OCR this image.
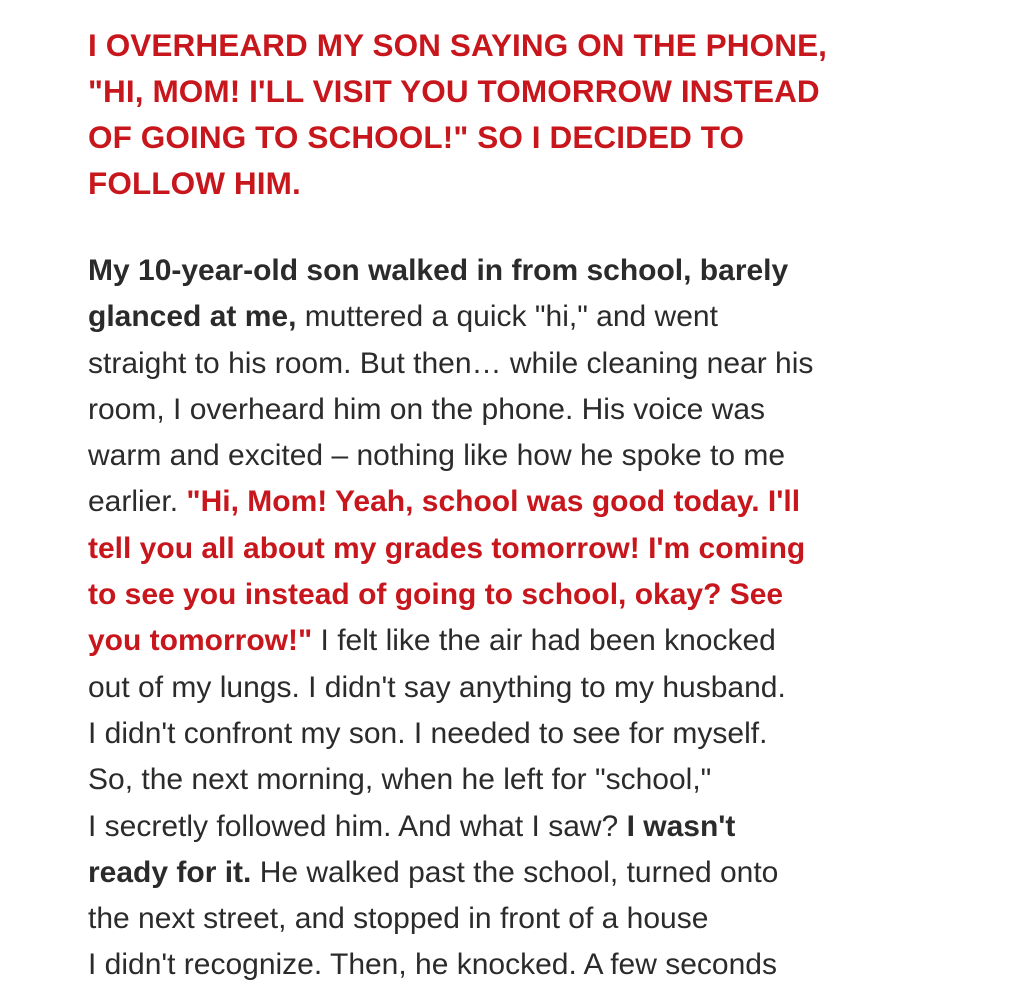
I OVERHEARD MY SON SAYING ON THE PHONE,
"HI, MOM! I'LL VISIT YOU TOMORROW INSTEAD
OF GOING TO SCHOOL!" SO I DECIDED TO
FOLLOW HIM.
My 10-year-old son walked in from school, barely
glanced at me, muttered a quick "hi," and went
straight to his room. But then… while cleaning near his
room, I overheard him on the phone. His voice was
warm and excited – nothing like how he spoke to me
earlier. "Hi, Mom! Yeah, school was good today. I'll
tell you all about my grades tomorrow! I'm coming
to see you instead of going to school, okay? See
you tomorrow!" I felt like the air had been knocked
out of my lungs. I didn't say anything to my husband.
I didn't confront my son. I needed to see for myself.
So, the next morning, when he left for "school,"
I secretly followed him. And what I saw? I wasn't
ready for it. He walked past the school, turned onto
the next street, and stopped in front of a house
I didn't recognize. Then, he knocked. A few seconds
